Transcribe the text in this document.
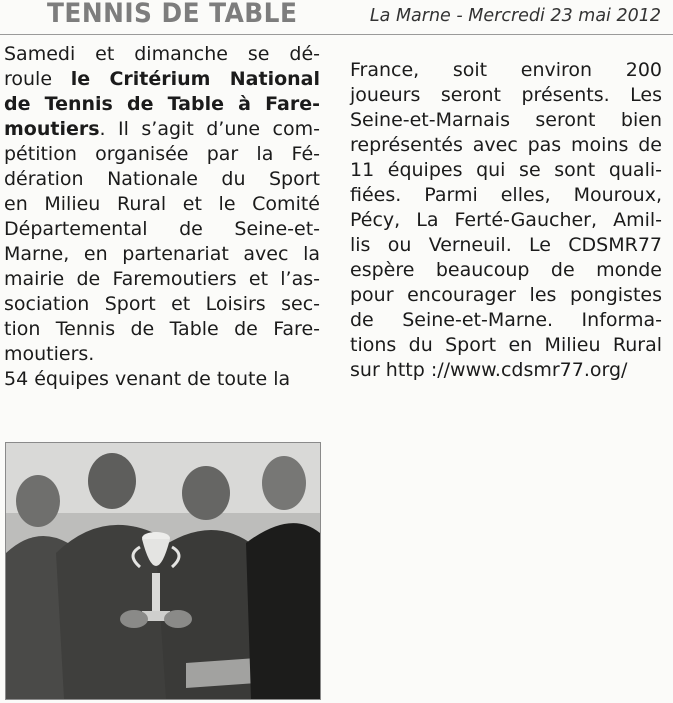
TENNIS DE TABLE	La Marne - Mercredi 23 mai 2012
Samedi et dimanche se dé-
roule le Critérium National
de Tennis de Table à Fare-
moutiers. Il s’agit d’une com-
pétition organisée par la Fé-
dération Nationale du Sport
en Milieu Rural et le Comité
Départemental de Seine-et-
Marne, en partenariat avec la
mairie de Faremoutiers et l’as-
sociation Sport et Loisirs sec-
tion Tennis de Table de Fare-
moutiers.
54 équipes venant de toute la
France, soit environ 200
joueurs seront présents. Les
Seine-et-Marnais seront bien
représentés avec pas moins de
11 équipes qui se sont quali-
fiées. Parmi elles, Mouroux,
Pécy, La Ferté-Gaucher, Amil-
lis ou Verneuil. Le CDSMR77
espère beaucoup de monde
pour encourager les pongistes
de Seine-et-Marne. Informa-
tions du Sport en Milieu Rural
sur http ://www.cdsmr77.org/
